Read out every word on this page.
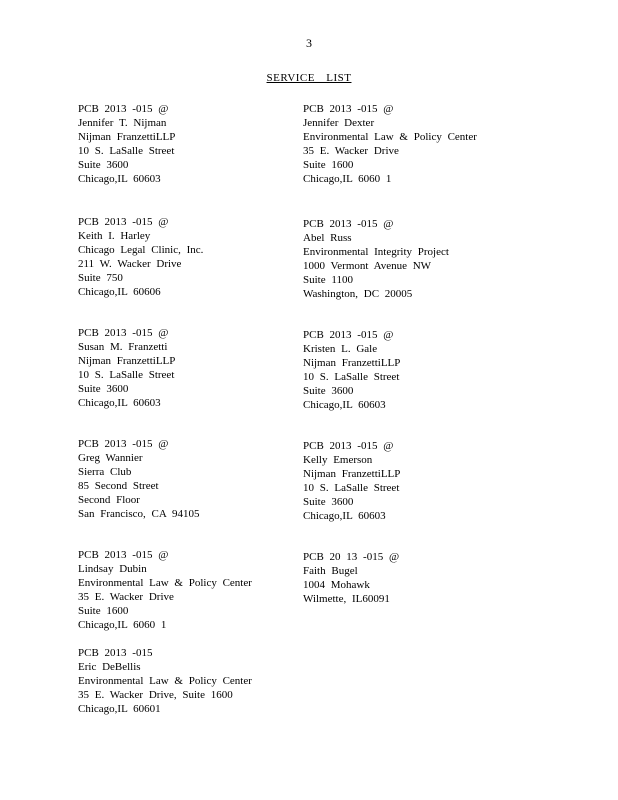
3
SERVICE LIST
PCB 2013 -015 @
Jennifer T. Nijman
Nijman FranzettiLLP
10 S. LaSalle Street
Suite 3600
Chicago,IL 60603
PCB 2013 -015 @
Jennifer Dexter
Environmental Law & Policy Center
35 E. Wacker Drive
Suite 1600
Chicago,IL 6060 1
PCB 2013 -015 @
Keith I. Harley
Chicago Legal Clinic, Inc.
211 W. Wacker Drive
Suite 750
Chicago,IL 60606
PCB 2013 -015 @
Abel Russ
Environmental Integrity Project
1000 Vermont Avenue NW
Suite 1100
Washington, DC 20005
PCB 2013 -015 @
Susan M. Franzetti
Nijman FranzettiLLP
10 S. LaSalle Street
Suite 3600
Chicago,IL 60603
PCB 2013 -015 @
Kristen L. Gale
Nijman FranzettiLLP
10 S. LaSalle Street
Suite 3600
Chicago,IL 60603
PCB 2013 -015 @
Greg Wannier
Sierra Club
85 Second Street
Second Floor
San Francisco, CA 94105
PCB 2013 -015 @
Kelly Emerson
Nijman FranzettiLLP
10 S. LaSalle Street
Suite 3600
Chicago,IL 60603
PCB 2013 -015 @
Lindsay Dubin
Environmental Law & Policy Center
35 E. Wacker Drive
Suite 1600
Chicago,IL 6060 1
PCB 20 13 -015 @
Faith Bugel
1004 Mohawk
Wilmette, IL60091
PCB 2013 -015
Eric DeBellis
Environmental Law & Policy Center
35 E. Wacker Drive, Suite 1600
Chicago,IL 60601
